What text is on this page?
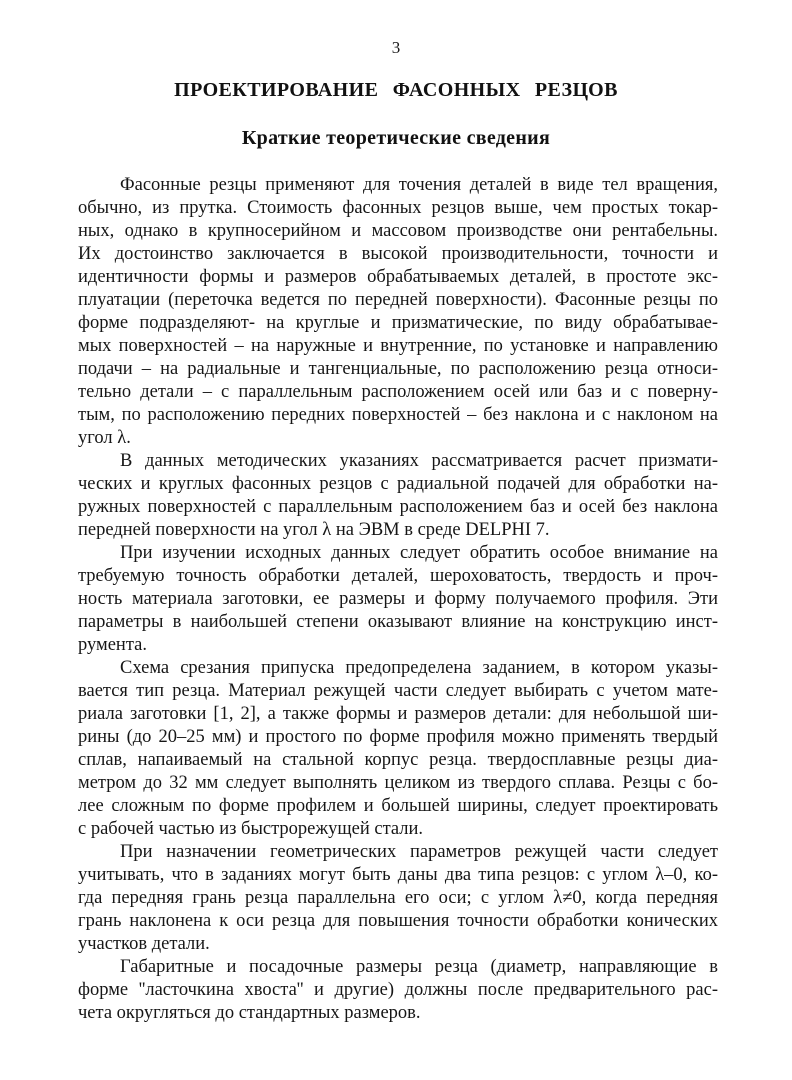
3
ПРОЕКТИРОВАНИЕ ФАСОННЫХ РЕЗЦОВ
Краткие теоретические сведения
Фасонные резцы применяют для точения деталей в виде тел вращения,
обычно, из прутка. Стоимость фасонных резцов выше, чем простых токар-
ных, однако в крупносерийном и массовом производстве они рентабельны.
Их достоинство заключается в высокой производительности, точности и
идентичности формы и размеров обрабатываемых деталей, в простоте экс-
плуатации (переточка ведется по передней поверхности). Фасонные резцы по
форме подразделяют- на круглые и призматические, по виду обрабатывае-
мых поверхностей – на наружные и внутренние, по установке и направлению
подачи – на радиальные и тангенциальные, по расположению резца относи-
тельно детали – с параллельным расположением осей или баз и с поверну-
тым, по расположению передних поверхностей – без наклона и с наклоном на
угол λ.
В данных методических указаниях рассматривается расчет призмати-
ческих и круглых фасонных резцов с радиальной подачей для обработки на-
ружных поверхностей с параллельным расположением баз и осей без наклона
передней поверхности на угол λ на ЭВМ в среде DELPHI 7.
При изучении исходных данных следует обратить особое внимание на
требуемую точность обработки деталей, шероховатость, твердость и проч-
ность материала заготовки, ее размеры и форму получаемого профиля. Эти
параметры в наибольшей степени оказывают влияние на конструкцию инст-
румента.
Схема срезания припуска предопределена заданием, в котором указы-
вается тип резца. Материал режущей части следует выбирать с учетом мате-
риала заготовки [1, 2], а также формы и размеров детали: для небольшой ши-
рины (до 20–25 мм) и простого по форме профиля можно применять твердый
сплав, напаиваемый на стальной корпус резца. твердосплавные резцы диа-
метром до 32 мм следует выполнять целиком из твердого сплава. Резцы с бо-
лее сложным по форме профилем и большей ширины, следует проектировать
с рабочей частью из быстрорежущей стали.
При назначении геометрических параметров режущей части следует
учитывать, что в заданиях могут быть даны два типа резцов: с углом λ–0, ко-
гда передняя грань резца параллельна его оси; с углом λ≠0, когда передняя
грань наклонена к оси резца для повышения точности обработки конических
участков детали.
Габаритные и посадочные размеры резца (диаметр, направляющие в
форме ''ласточкина хвоста'' и другие) должны после предварительного рас-
чета округляться до стандартных размеров.
